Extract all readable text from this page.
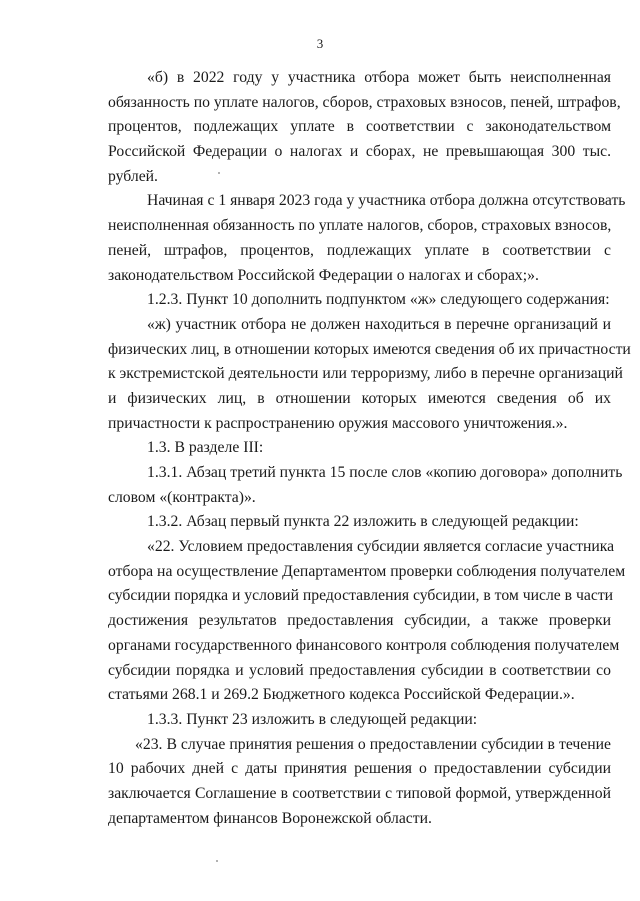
3
«б) в 2022 году у участника отбора может быть неисполненная
обязанность по уплате налогов, сборов, страховых взносов, пеней, штрафов,
процентов, подлежащих уплате в соответствии с законодательством
Российской Федерации о налогах и сборах, не превышающая 300 тыс.
рублей.
Начиная с 1 января 2023 года у участника отбора должна отсутствовать
неисполненная обязанность по уплате налогов, сборов, страховых взносов,
пеней, штрафов, процентов, подлежащих уплате в соответствии с
законодательством Российской Федерации о налогах и сборах;».
1.2.3. Пункт 10 дополнить подпунктом «ж» следующего содержания:
«ж) участник отбора не должен находиться в перечне организаций и
физических лиц, в отношении которых имеются сведения об их причастности
к экстремистской деятельности или терроризму, либо в перечне организаций
и физических лиц, в отношении которых имеются сведения об их
причастности к распространению оружия массового уничтожения.».
1.3. В разделе III:
1.3.1. Абзац третий пункта 15 после слов «копию договора» дополнить
словом «(контракта)».
1.3.2. Абзац первый пункта 22 изложить в следующей редакции:
«22. Условием предоставления субсидии является согласие участника
отбора на осуществление Департаментом проверки соблюдения получателем
субсидии порядка и условий предоставления субсидии, в том числе в части
достижения результатов предоставления субсидии, а также проверки
органами государственного финансового контроля соблюдения получателем
субсидии порядка и условий предоставления субсидии в соответствии со
статьями 268.1 и 269.2 Бюджетного кодекса Российской Федерации.».
1.3.3. Пункт 23 изложить в следующей редакции:
«23. В случае принятия решения о предоставлении субсидии в течение
10 рабочих дней с даты принятия решения о предоставлении субсидии
заключается Соглашение в соответствии с типовой формой, утвержденной
департаментом финансов Воронежской области.
